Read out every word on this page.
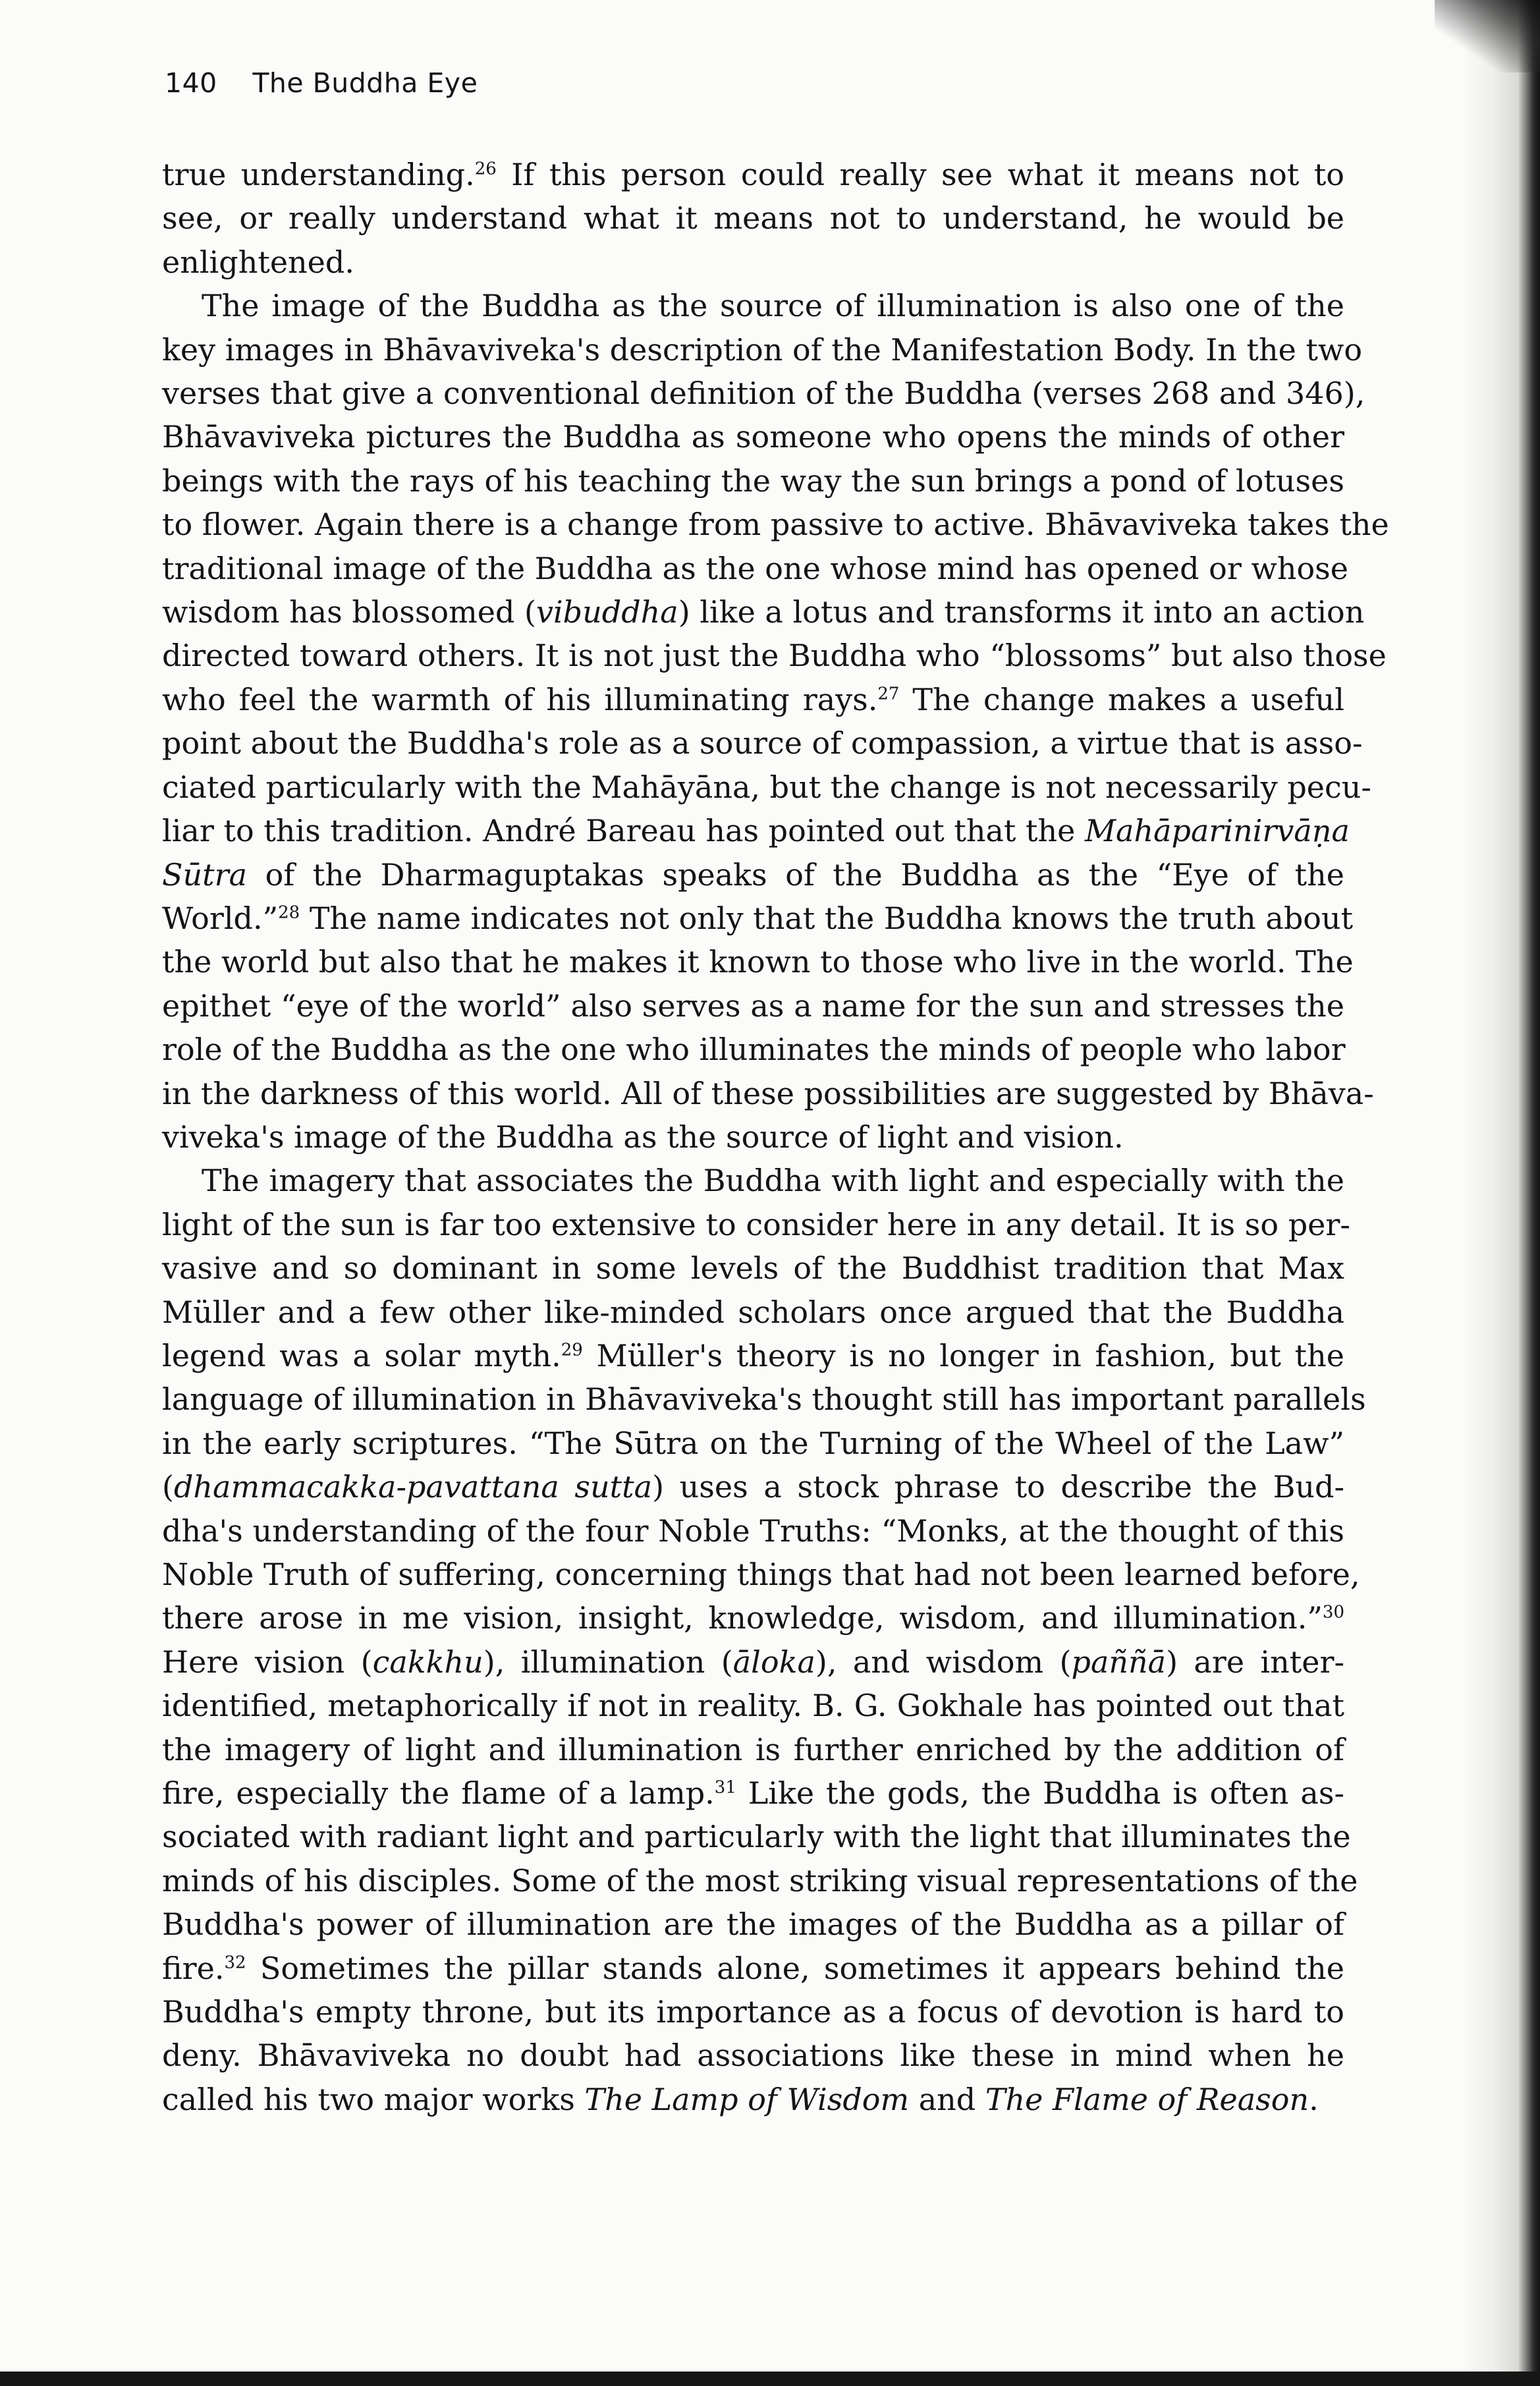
140 The Buddha Eye

true understanding.$^{26}$ If this person could really see what it means not to
see, or really understand what it means not to understand, he would be
enlightened.

The image of the Buddha as the source of illumination is also one of the
key images in Bhāvaviveka's description of the Manifestation Body. In the two
verses that give a conventional definition of the Buddha (verses 268 and 346),
Bhāvaviveka pictures the Buddha as someone who opens the minds of other
beings with the rays of his teaching the way the sun brings a pond of lotuses
to flower. Again there is a change from passive to active. Bhāvaviveka takes the
traditional image of the Buddha as the one whose mind has opened or whose
wisdom has blossomed (vibuddha) like a lotus and transforms it into an action
directed toward others. It is not just the Buddha who “blossoms” but also those
who feel the warmth of his illuminating rays.$^{27}$ The change makes a useful
point about the Buddha's role as a source of compassion, a virtue that is asso-
ciated particularly with the Mahāyāna, but the change is not necessarily pecu-
liar to this tradition. André Bareau has pointed out that the Mahāparinirvāṇa
Sūtra of the Dharmaguptakas speaks of the Buddha as the “Eye of the
World.”$^{28}$ The name indicates not only that the Buddha knows the truth about
the world but also that he makes it known to those who live in the world. The
epithet “eye of the world” also serves as a name for the sun and stresses the
role of the Buddha as the one who illuminates the minds of people who labor
in the darkness of this world. All of these possibilities are suggested by Bhāva-
viveka's image of the Buddha as the source of light and vision.

The imagery that associates the Buddha with light and especially with the
light of the sun is far too extensive to consider here in any detail. It is so per-
vasive and so dominant in some levels of the Buddhist tradition that Max
Müller and a few other like-minded scholars once argued that the Buddha
legend was a solar myth.$^{29}$ Müller's theory is no longer in fashion, but the
language of illumination in Bhāvaviveka's thought still has important parallels
in the early scriptures. “The Sūtra on the Turning of the Wheel of the Law”
(dhammacakka-pavattana sutta) uses a stock phrase to describe the Bud-
dha's understanding of the four Noble Truths: “Monks, at the thought of this
Noble Truth of suffering, concerning things that had not been learned before,
there arose in me vision, insight, knowledge, wisdom, and illumination.”$^{30}$
Here vision (cakkhu), illumination (āloka), and wisdom (paññā) are inter-
identified, metaphorically if not in reality. B. G. Gokhale has pointed out that
the imagery of light and illumination is further enriched by the addition of
fire, especially the flame of a lamp.$^{31}$ Like the gods, the Buddha is often as-
sociated with radiant light and particularly with the light that illuminates the
minds of his disciples. Some of the most striking visual representations of the
Buddha's power of illumination are the images of the Buddha as a pillar of
fire.$^{32}$ Sometimes the pillar stands alone, sometimes it appears behind the
Buddha's empty throne, but its importance as a focus of devotion is hard to
deny. Bhāvaviveka no doubt had associations like these in mind when he
called his two major works The Lamp of Wisdom and The Flame of Reason.
